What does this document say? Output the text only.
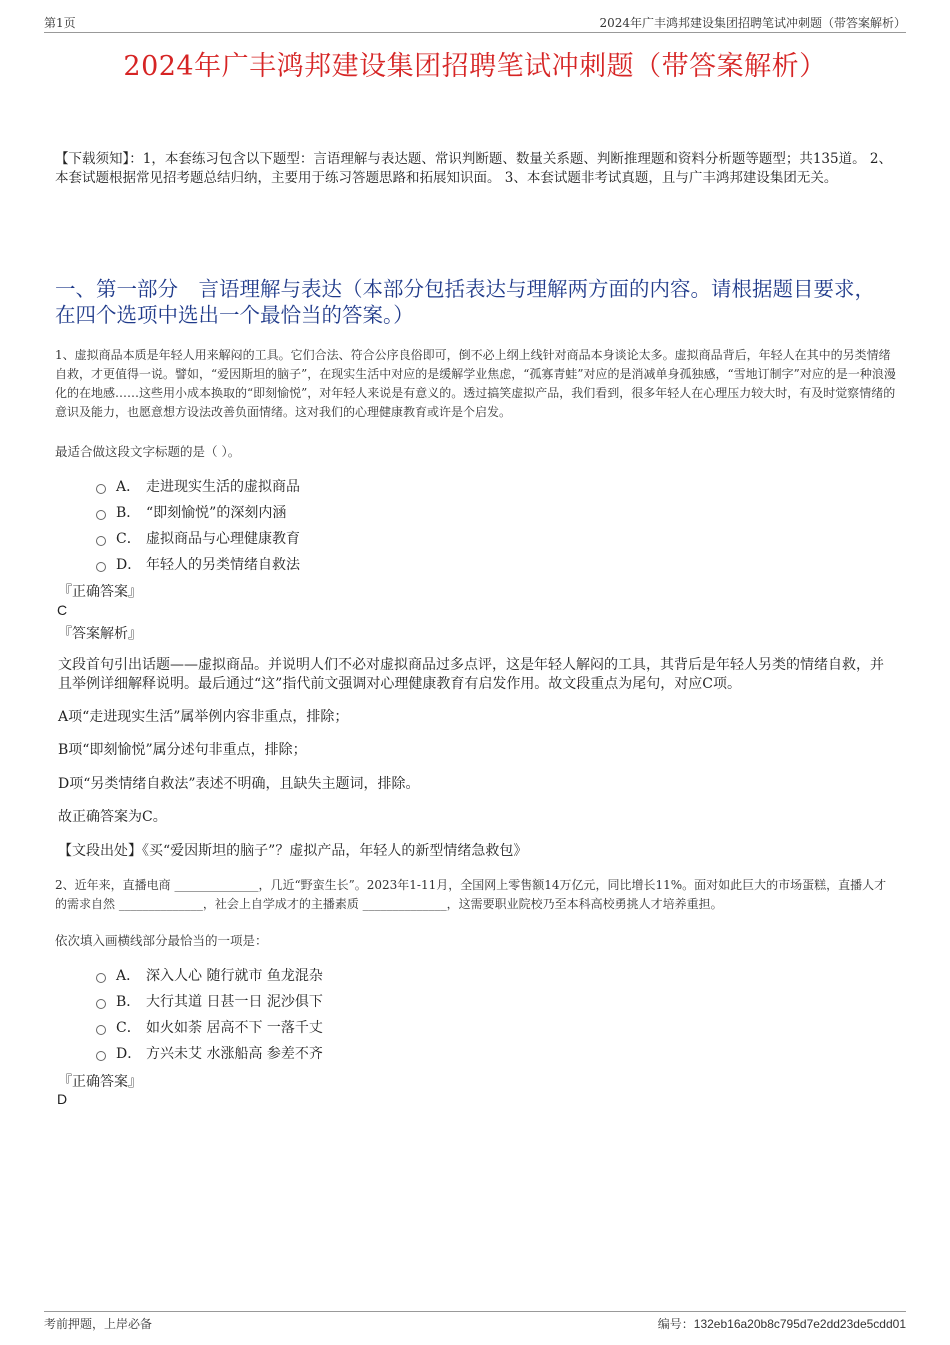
第1页	2024年广丰鸿邦建设集团招聘笔试冲刺题（带答案解析）
2024年广丰鸿邦建设集团招聘笔试冲刺题（带答案解析）
【下载须知】：1，本套练习包含以下题型：言语理解与表达题、常识判断题、数量关系题、判断推理题和资料分析题等题型；共135道。 2、本套试题根据常见招考题总结归纳，主要用于练习答题思路和拓展知识面。 3、本套试题非考试真题，且与广丰鸿邦建设集团无关。
一、第一部分　言语理解与表达（本部分包括表达与理解两方面的内容。请根据题目要求，在四个选项中选出一个最恰当的答案。）
1、虚拟商品本质是年轻人用来解闷的工具。它们合法、符合公序良俗即可，倒不必上纲上线针对商品本身谈论太多。虚拟商品背后，年轻人在其中的另类情绪自救，才更值得一说。譬如，“爱因斯坦的脑子”，在现实生活中对应的是缓解学业焦虑，“孤寡青蛙”对应的是消减单身孤独感，“雪地订制字”对应的是一种浪漫化的在地感……这些用小成本换取的“即刻愉悦”，对年轻人来说是有意义的。透过搞笑虚拟产品，我们看到，很多年轻人在心理压力较大时，有及时觉察情绪的意识及能力，也愿意想方设法改善负面情绪。这对我们的心理健康教育或许是个启发。
最适合做这段文字标题的是（ ）。
A． 走进现实生活的虚拟商品
B． “即刻愉悦”的深刻内涵
C． 虚拟商品与心理健康教育
D． 年轻人的另类情绪自救法
『正确答案』
C
『答案解析』
文段首句引出话题——虚拟商品。并说明人们不必对虚拟商品过多点评，这是年轻人解闷的工具，其背后是年轻人另类的情绪自救，并且举例详细解释说明。最后通过“这”指代前文强调对心理健康教育有启发作用。故文段重点为尾句，对应C项。
A项“走进现实生活”属举例内容非重点，排除；
B项“即刻愉悦”属分述句非重点，排除；
D项“另类情绪自救法”表述不明确，且缺失主题词，排除。
故正确答案为C。
【文段出处】《买“爱因斯坦的脑子”？虚拟产品，年轻人的新型情绪急救包》
2、近年来，直播电商 ______________，几近“野蛮生长”。2023年1-11月，全国网上零售额14万亿元，同比增长11%。面对如此巨大的市场蛋糕，直播人才的需求自然 ______________，社会上自学成才的主播素质 ______________，这需要职业院校乃至本科高校勇挑人才培养重担。
依次填入画横线部分最恰当的一项是：
A． 深入人心 随行就市 鱼龙混杂
B． 大行其道 日甚一日 泥沙俱下
C． 如火如荼 居高不下 一落千丈
D． 方兴未艾 水涨船高 参差不齐
『正确答案』
D
考前押题，上岸必备	编号：132eb16a20b8c795d7e2dd23de5cdd01
